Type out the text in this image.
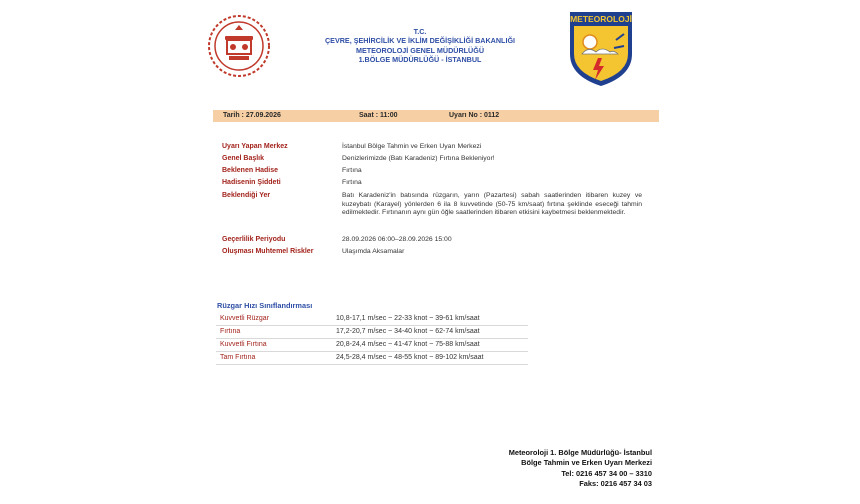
T.C.
ÇEVRE, ŞEHİRCİLİK VE İKLİM DEĞİŞİKLİĞİ BAKANLIĞI
METEOROLOJİ GENEL MÜDÜRLÜĞÜ
1.BÖLGE MÜDÜRLÜĞÜ - İSTANBUL
METEOROLOJİ
Tarih : 27.09.2026	Saat : 11:00	Uyarı No : 0112
Uyarı Yapan Merkez	İstanbul Bölge Tahmin ve Erken Uyarı Merkezi
Genel Başlık	Denizlerimizde (Batı Karadeniz) Fırtına Bekleniyor!
Beklenen Hadise	Fırtına
Hadisenin Şiddeti	Fırtına
Beklendiği Yer	Batı Karadeniz'in batısında rüzgarın, yarın (Pazartesi) sabah saatlerinden itibaren kuzey ve kuzeybatı (Karayel) yönlerden 6 ila 8 kuvvetinde (50-75 km/saat) fırtına şeklinde eseceği tahmin edilmektedir. Fırtınanın aynı gün öğle saatlerinden itibaren etkisini kaybetmesi beklenmektedir.
Geçerlilik Periyodu	28.09.2026 06:00–28.09.2026 15:00
Oluşması Muhtemel Riskler	Ulaşımda Aksamalar
Rüzgar Hızı Sınıflandırması
Kuvvetli Rüzgar	10,8-17,1 m/sec ~ 22-33 knot ~ 39-61 km/saat
Fırtına	17,2-20,7 m/sec ~ 34-40 knot ~ 62-74 km/saat
Kuvvetli Fırtına	20,8-24,4 m/sec ~ 41-47 knot ~ 75-88 km/saat
Tam Fırtına	24,5-28,4 m/sec ~ 48-55 knot ~ 89-102 km/saat
Meteoroloji 1. Bölge Müdürlüğü- İstanbul
Bölge Tahmin ve Erken Uyarı Merkezi
Tel: 0216 457 34 00 – 3310
Faks: 0216 457 34 03
